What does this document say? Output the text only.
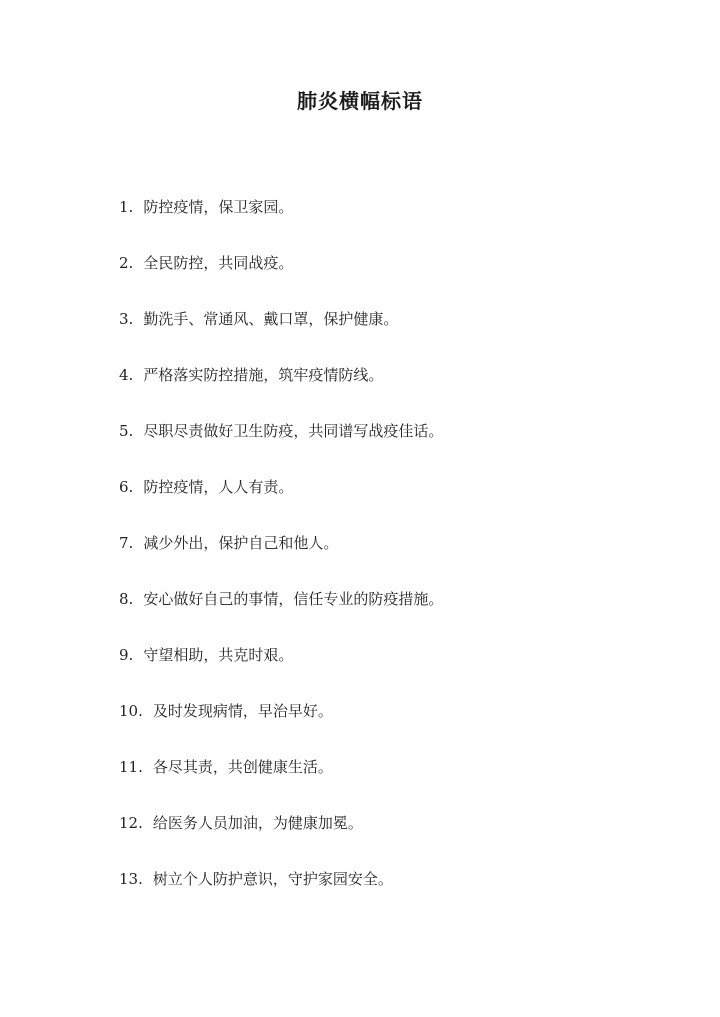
肺炎横幅标语
1. 防控疫情，保卫家园。
2. 全民防控，共同战疫。
3. 勤洗手、常通风、戴口罩，保护健康。
4. 严格落实防控措施，筑牢疫情防线。
5. 尽职尽责做好卫生防疫，共同谱写战疫佳话。
6. 防控疫情，人人有责。
7. 减少外出，保护自己和他人。
8. 安心做好自己的事情，信任专业的防疫措施。
9. 守望相助，共克时艰。
10. 及时发现病情，早治早好。
11. 各尽其责，共创健康生活。
12. 给医务人员加油，为健康加冕。
13. 树立个人防护意识，守护家园安全。
